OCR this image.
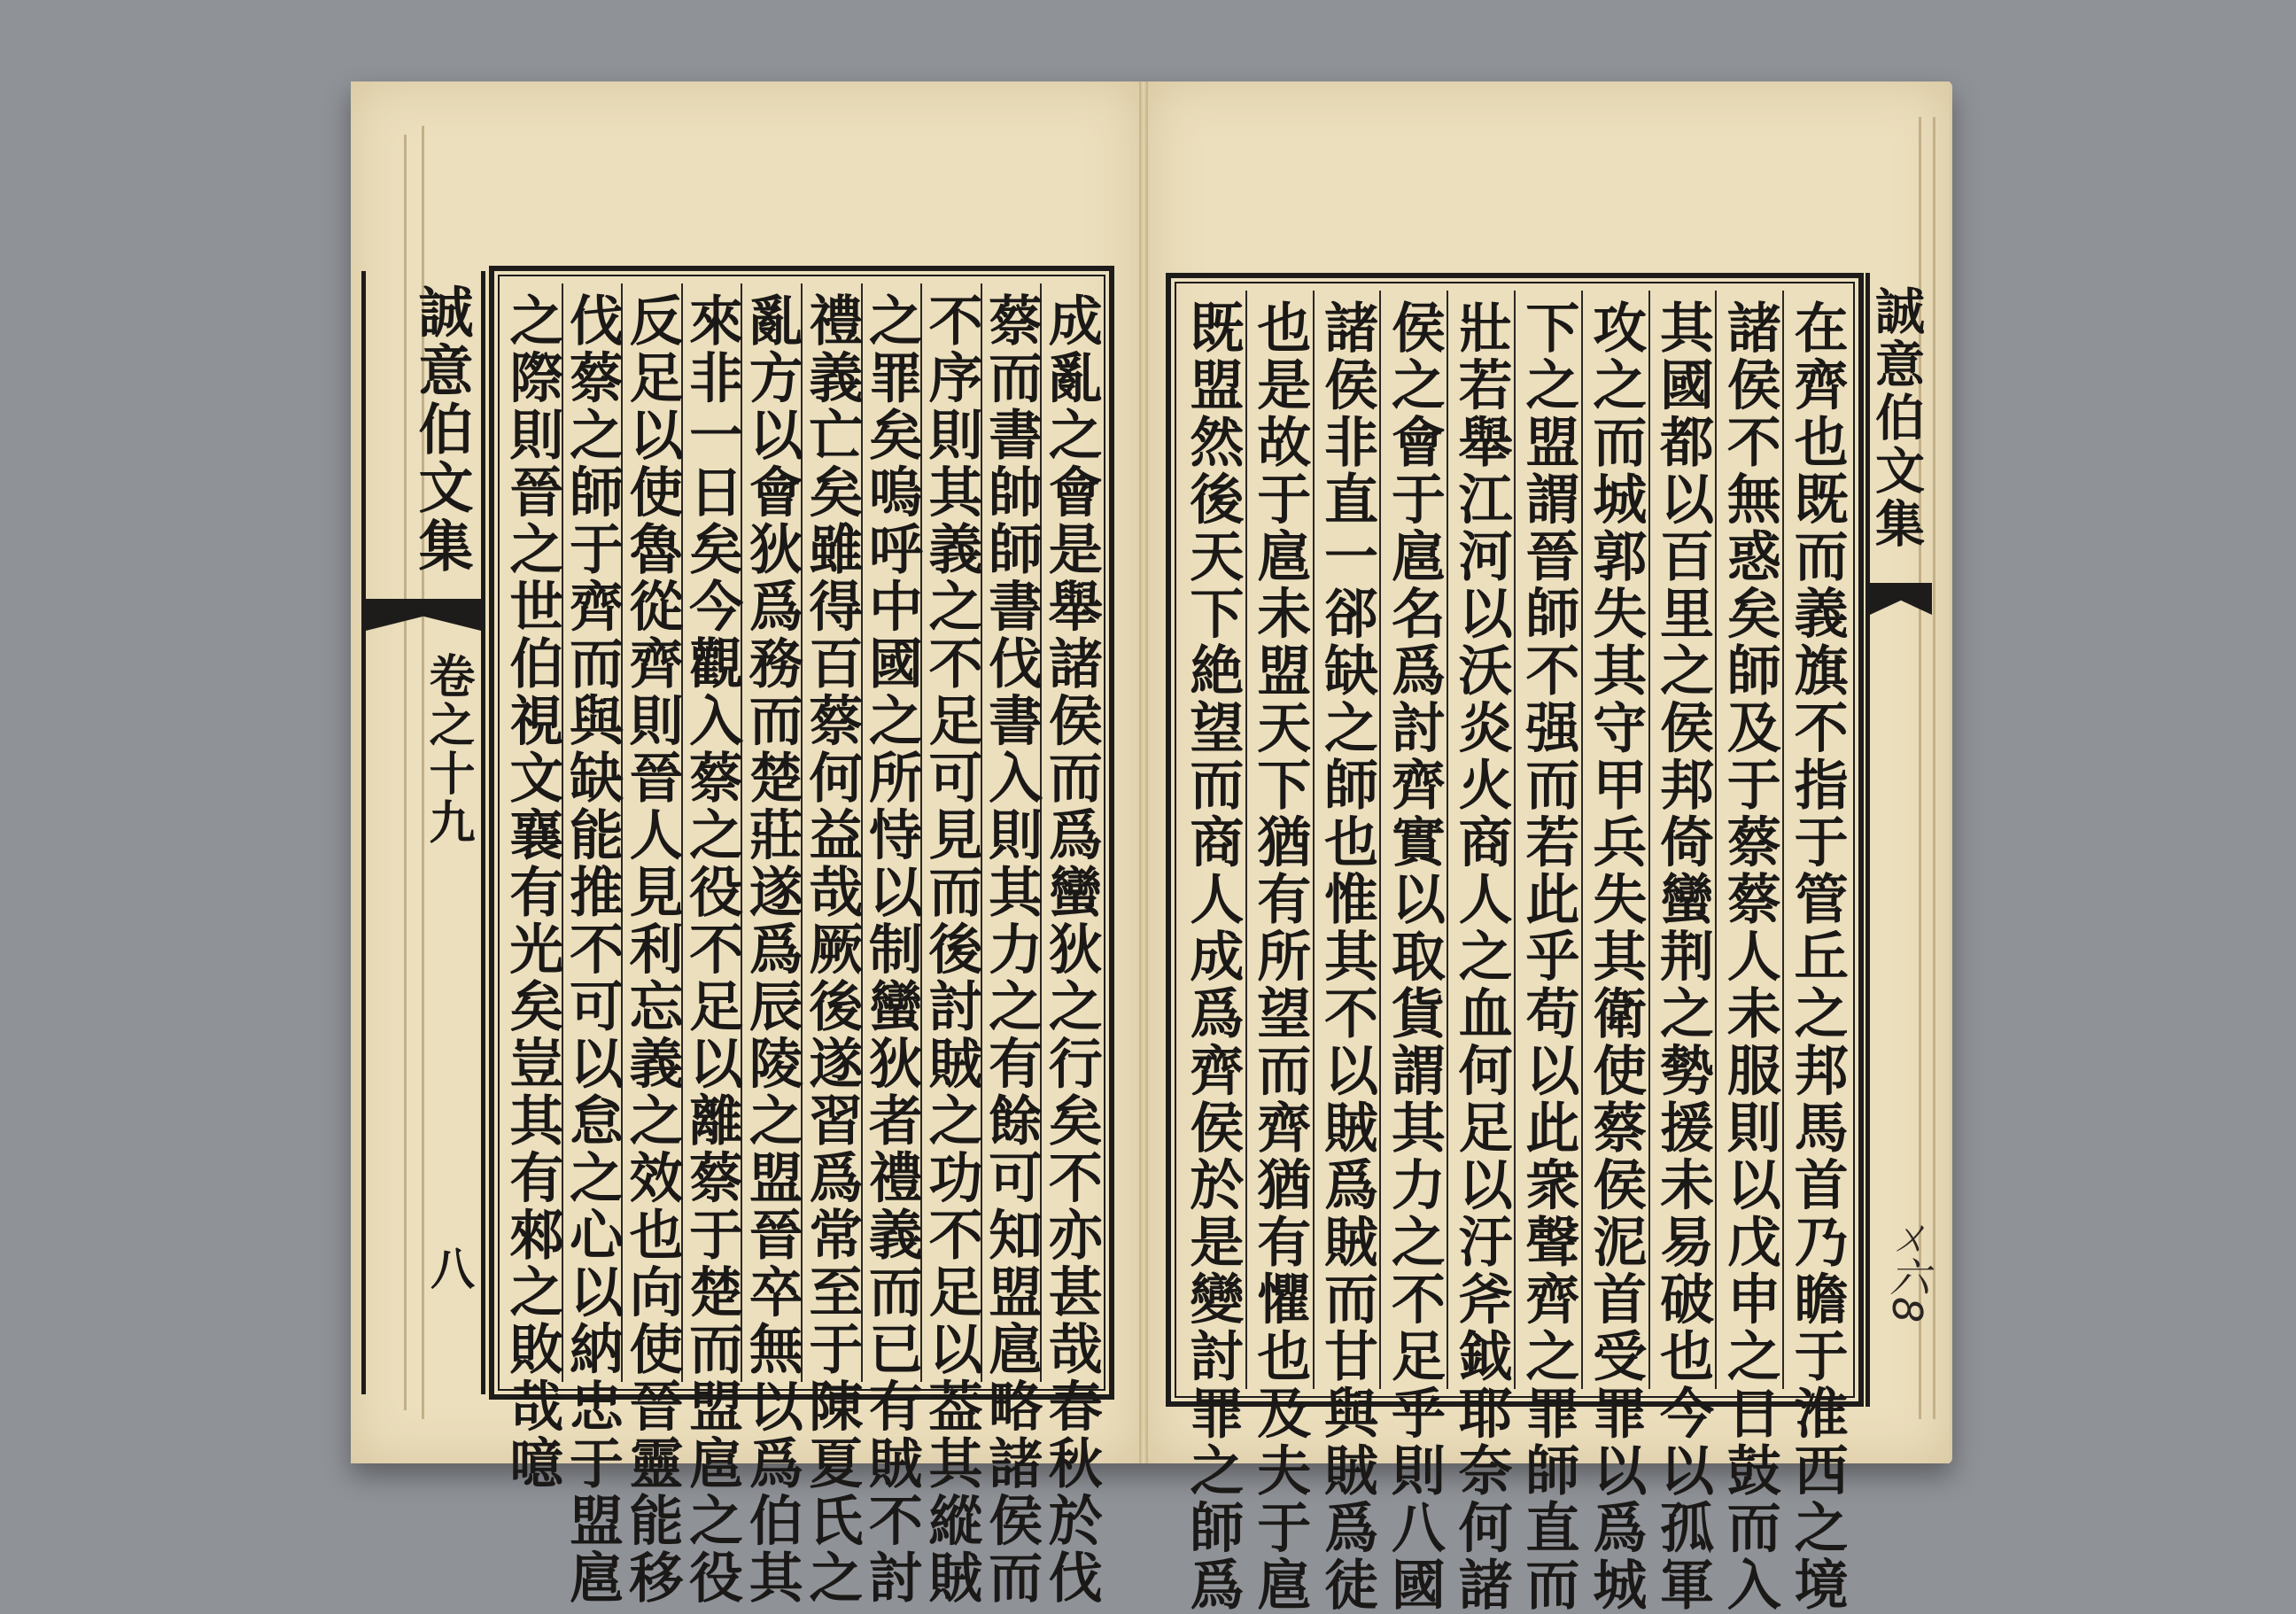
誠意伯文集
卷之十九
八	成亂之會是舉諸侯而爲蠻狄之行矣不亦甚哉春秋於伐
蔡而書帥師書伐書入則其力之有餘可知盟扈略諸侯而
不序則其義之不足可見而後討賊之功不足以葢其縱賊
之罪矣嗚呼中國之所恃以制蠻狄者禮義而已有賊不討
禮義亡矣雖得百蔡何益哉厥後遂習爲常至于陳夏氏之
亂方以會狄爲務而楚莊遂爲辰陵之盟晉卒無以爲伯其
來非一日矣今觀入蔡之役不足以離蔡于楚而盟扈之役
反足以使魯從齊則晉人見利忘義之效也向使晉靈能移
伐蔡之師于齊而與缺能推不可以怠之心以納忠于盟扈
之際則晉之世伯視文襄有光矣豈其有郲之敗哉噫	在齊也既而義旗不指于管丘之邦馬首乃瞻于淮西之境
諸侯不無惑矣師及于蔡蔡人未服則以戊申之日鼓而入
其國都以百里之侯邦倚蠻荆之勢援未易破也今以孤軍
攻之而城郭失其守甲兵失其衛使蔡侯泥首受罪以爲城
下之盟謂晉師不强而若此乎苟以此衆聲齊之罪師直而
壯若舉江河以沃炎火商人之血何足以汙斧鉞耶奈何諸
侯之會于扈名爲討齊實以取貨謂其力之不足乎則八國
諸侯非直一郤缺之師也惟其不以賊爲賊而甘與賊爲徒
也是故于扈未盟天下猶有所望而齊猶有懼也及夫于扈
既盟然後天下絶望而商人成爲齊侯於是變討罪之師爲	誠意伯文集
ㄨ六8
